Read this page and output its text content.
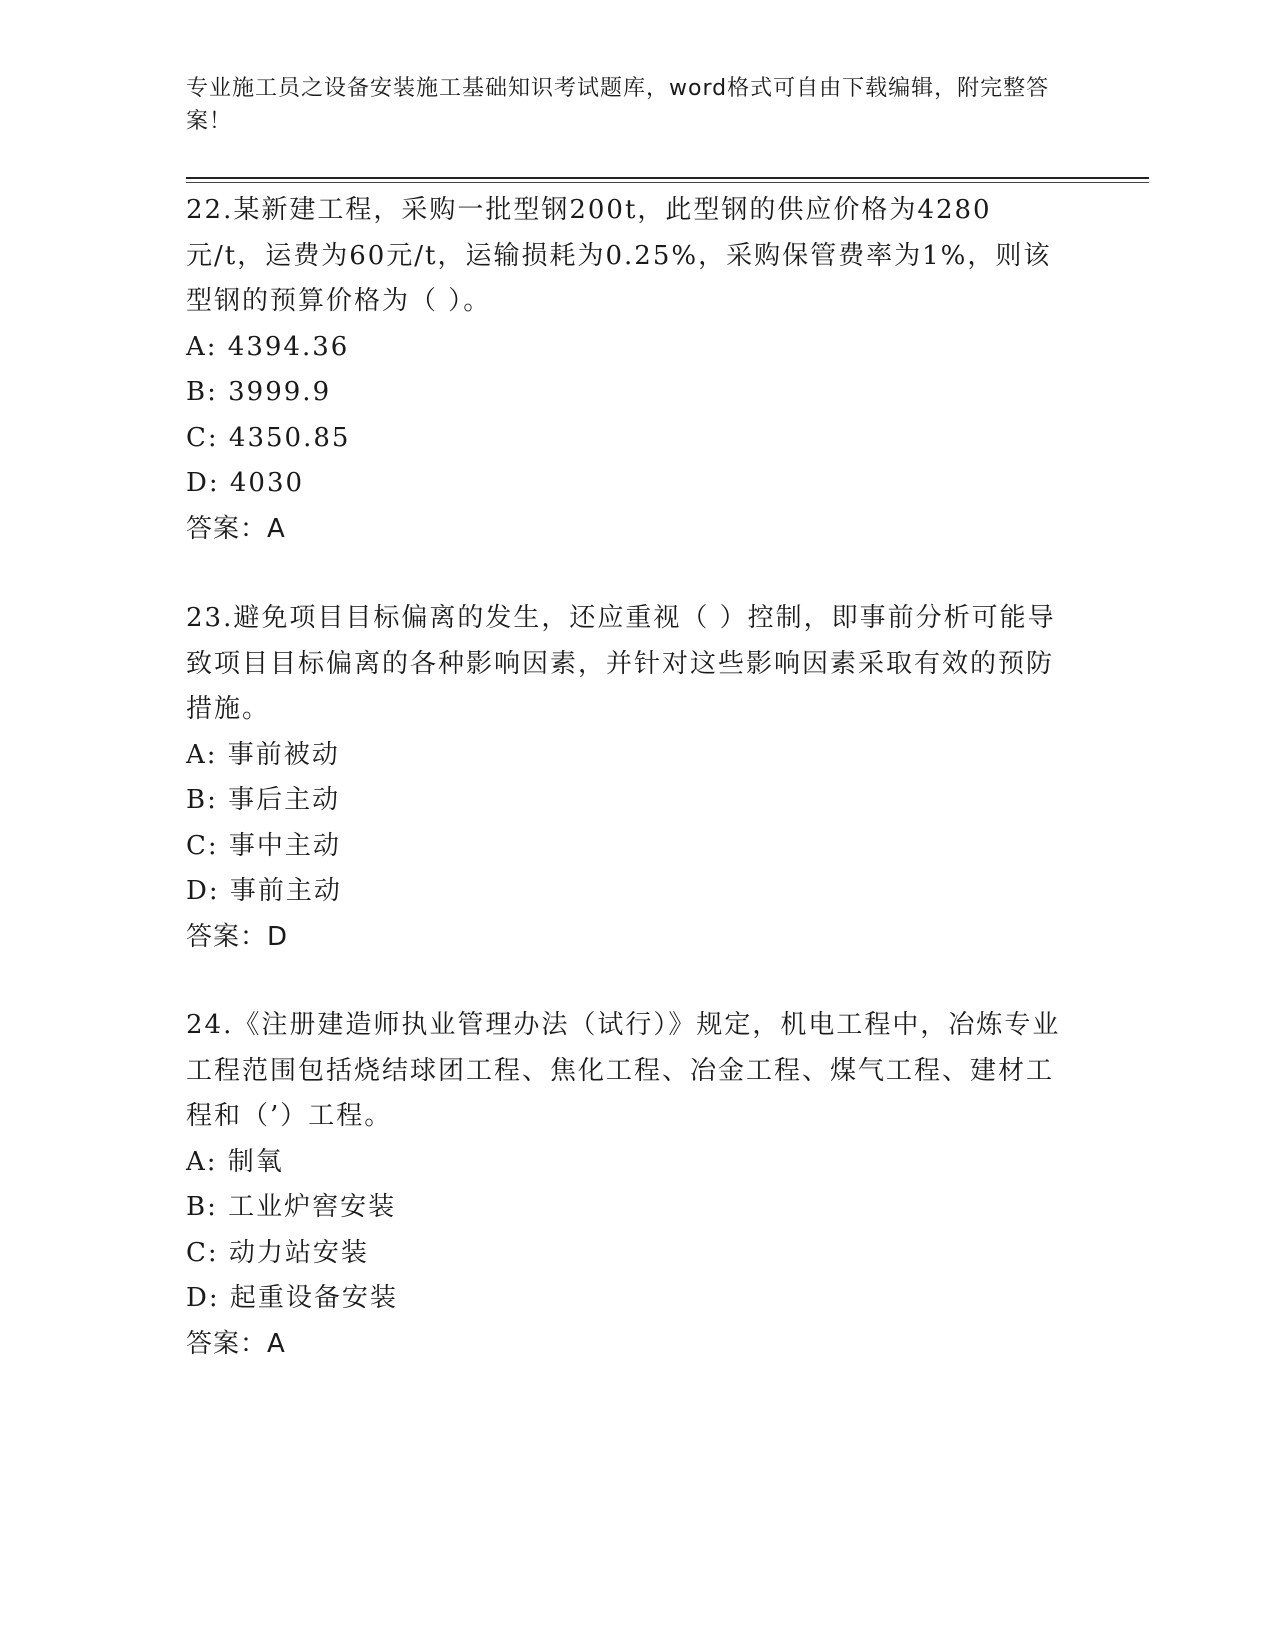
专业施工员之设备安装施工基础知识考试题库，word格式可自由下载编辑，附完整答案！

22.某新建工程，采购一批型钢200t，此型钢的供应价格为4280元/t，运费为60元/t，运输损耗为0.25%，采购保管费率为1%，则该型钢的预算价格为（ ）。

A: 4394.36

B: 3999.9

C: 4350.85

D: 4030

答案：A

23.避免项目目标偏离的发生，还应重视（ ）控制，即事前分析可能导致项目目标偏离的各种影响因素，并针对这些影响因素采取有效的预防措施。

A: 事前被动

B: 事后主动

C: 事中主动

D: 事前主动

答案：D

24.《注册建造师执业管理办法（试行）》规定，机电工程中，冶炼专业工程范围包括烧结球团工程、焦化工程、冶金工程、煤气工程、建材工程和（’）工程。

A: 制氧

B: 工业炉窖安装

C: 动力站安装

D: 起重设备安装

答案：A
